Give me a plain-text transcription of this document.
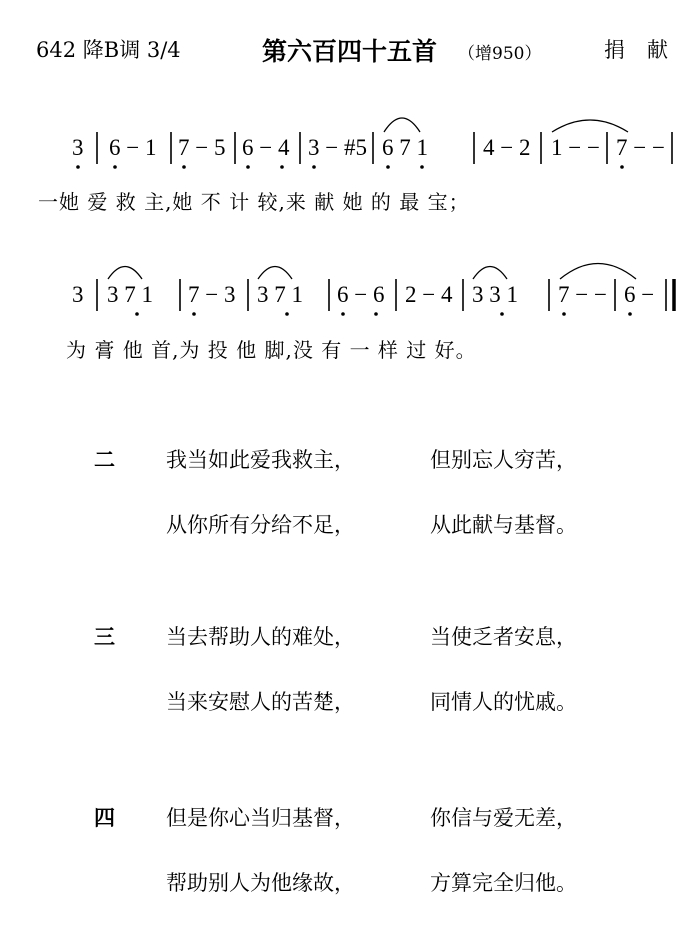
642 降B调 3/4	第六百四十五首 （增950）	捐献
3 6 − 1 7 − 5 6 − 4 3 − #5 6 7 1 4 − 2 1 − − 7 − −
3 3 7 1 7 − 3 3 7 1 6 − 6 2 − 4 3 3 1 7 − − 6 −
一她 爱 救 主,她 不 计 较,来 献 她 的 最 宝；
为 膏 他 首,为 投 他 脚,没 有 一 样 过 好。
二 我当如此爱我救主，	但别忘人穷苦，
从你所有分给不足，	从此献与基督。
三 当去帮助人的难处，	当使乏者安息，
当来安慰人的苦楚，	同情人的忧戚。
四 但是你心当归基督，	你信与爱无差，
帮助别人为他缘故，	方算完全归他。
